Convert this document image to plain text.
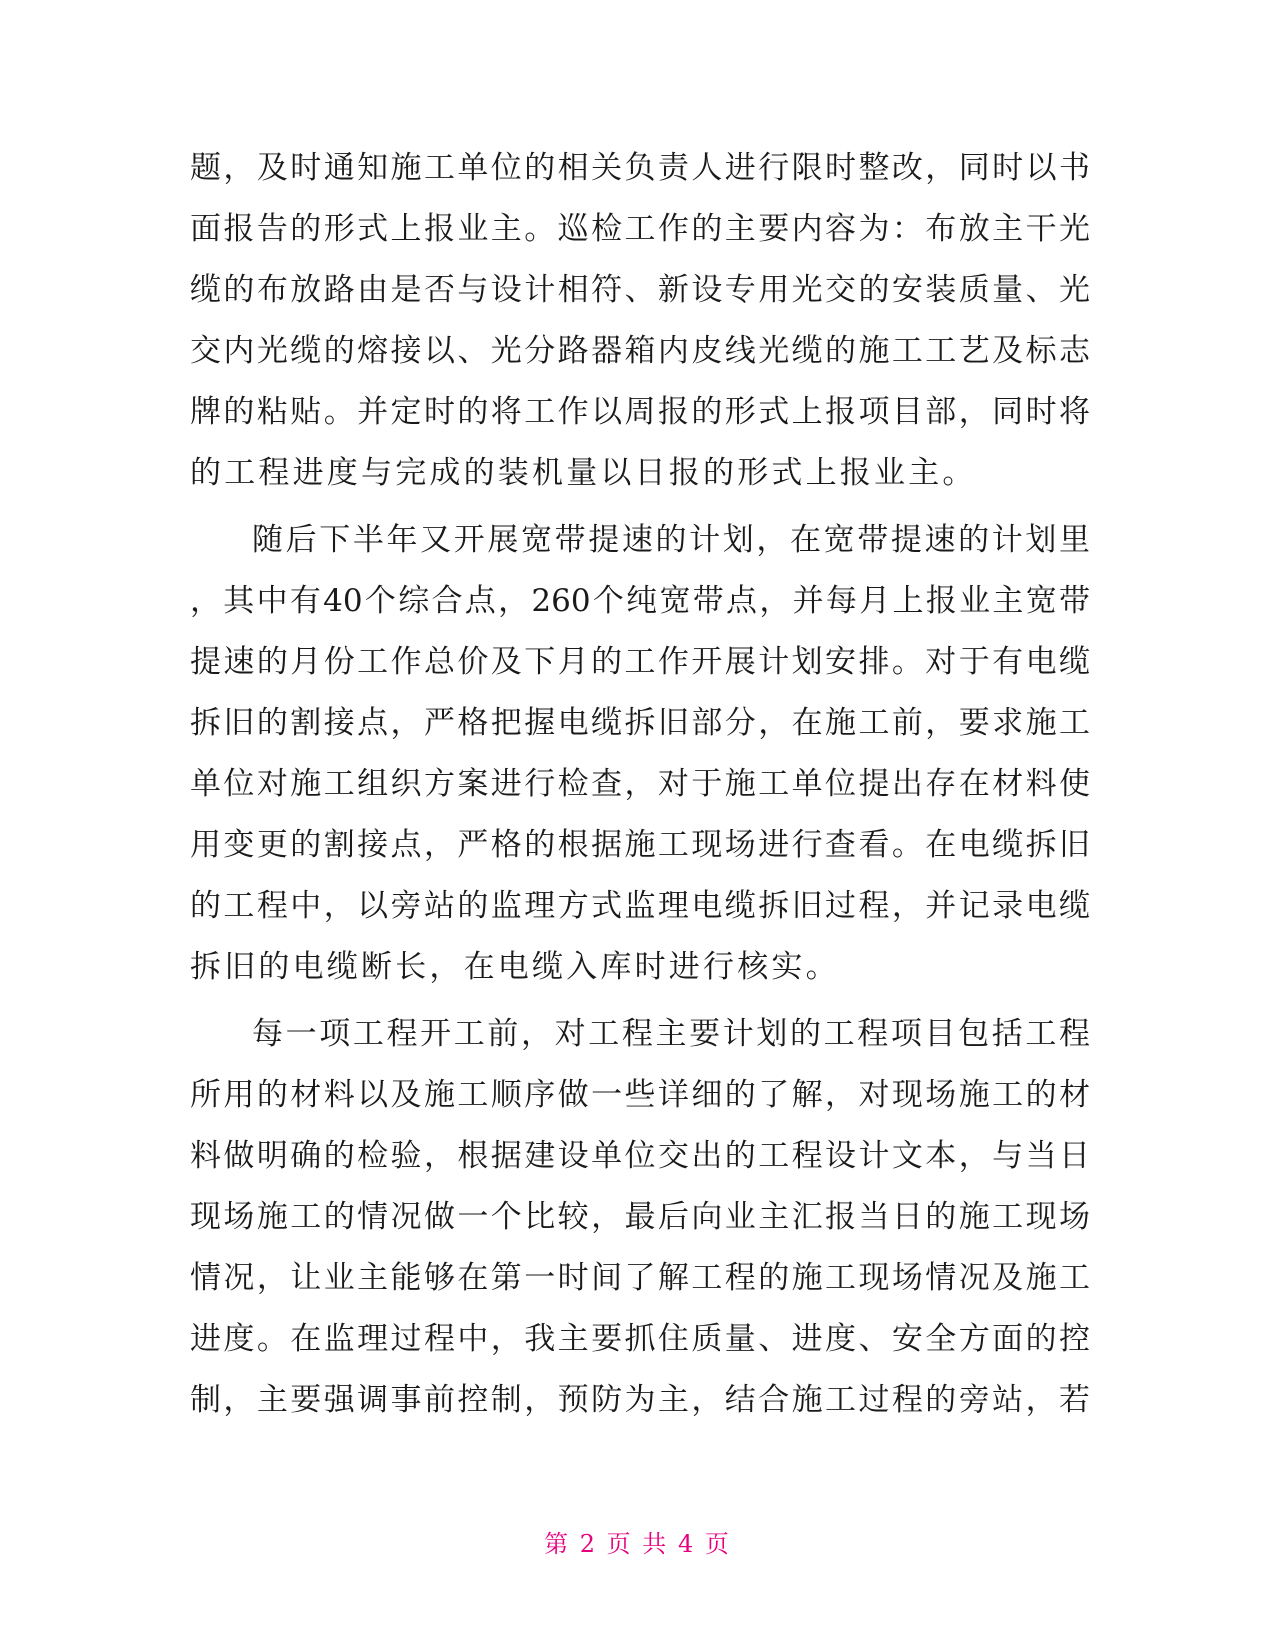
题，及时通知施工单位的相关负责人进行限时整改，同时以书
面报告的形式上报业主。巡检工作的主要内容为：布放主干光
缆的布放路由是否与设计相符、新设专用光交的安装质量、光
交内光缆的熔接以、光分路器箱内皮线光缆的施工工艺及标志
牌的粘贴。并定时的将工作以周报的形式上报项目部，同时将
的工程进度与完成的装机量以日报的形式上报业主。
随后下半年又开展宽带提速的计划，在宽带提速的计划里
，其中有40个综合点，260个纯宽带点，并每月上报业主宽带
提速的月份工作总价及下月的工作开展计划安排。对于有电缆
拆旧的割接点，严格把握电缆拆旧部分，在施工前，要求施工
单位对施工组织方案进行检查，对于施工单位提出存在材料使
用变更的割接点，严格的根据施工现场进行查看。在电缆拆旧
的工程中，以旁站的监理方式监理电缆拆旧过程，并记录电缆
拆旧的电缆断长，在电缆入库时进行核实。
每一项工程开工前，对工程主要计划的工程项目包括工程
所用的材料以及施工顺序做一些详细的了解，对现场施工的材
料做明确的检验，根据建设单位交出的工程设计文本，与当日
现场施工的情况做一个比较，最后向业主汇报当日的施工现场
情况，让业主能够在第一时间了解工程的施工现场情况及施工
进度。在监理过程中，我主要抓住质量、进度、安全方面的控
制，主要强调事前控制，预防为主，结合施工过程的旁站，若
第 2 页 共 4 页
